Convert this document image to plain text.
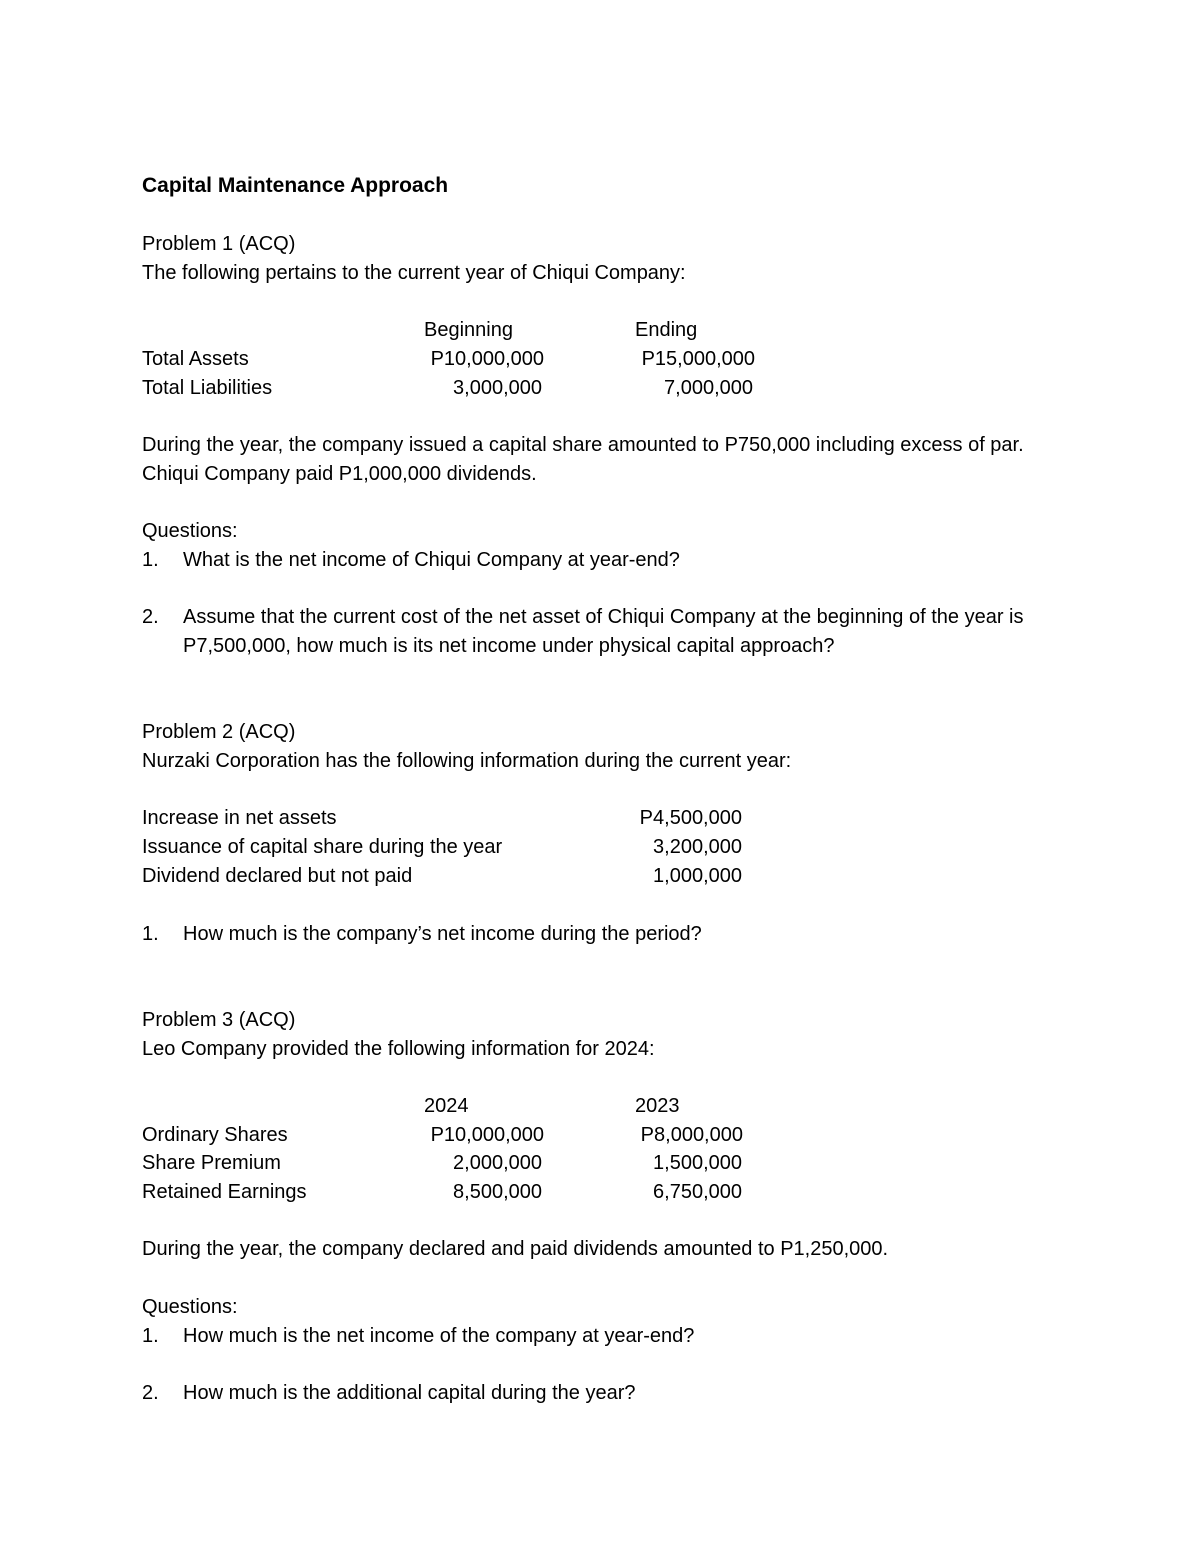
Capital Maintenance Approach
Problem 1 (ACQ)
The following pertains to the current year of Chiqui Company:
Beginning	Ending
Total Assets	P10,000,000	P15,000,000
Total Liabilities	3,000,000	7,000,000
During the year, the company issued a capital share amounted to P750,000 including excess of par. Chiqui Company paid P1,000,000 dividends.
Questions:
1. What is the net income of Chiqui Company at year-end?
2. Assume that the current cost of the net asset of Chiqui Company at the beginning of the year is P7,500,000, how much is its net income under physical capital approach?
Problem 2 (ACQ)
Nurzaki Corporation has the following information during the current year:
Increase in net assets	P4,500,000
Issuance of capital share during the year	3,200,000
Dividend declared but not paid	1,000,000
1. How much is the company’s net income during the period?
Problem 3 (ACQ)
Leo Company provided the following information for 2024:
2024	2023
Ordinary Shares	P10,000,000	P8,000,000
Share Premium	2,000,000	1,500,000
Retained Earnings	8,500,000	6,750,000
During the year, the company declared and paid dividends amounted to P1,250,000.
Questions:
1. How much is the net income of the company at year-end?
2. How much is the additional capital during the year?
